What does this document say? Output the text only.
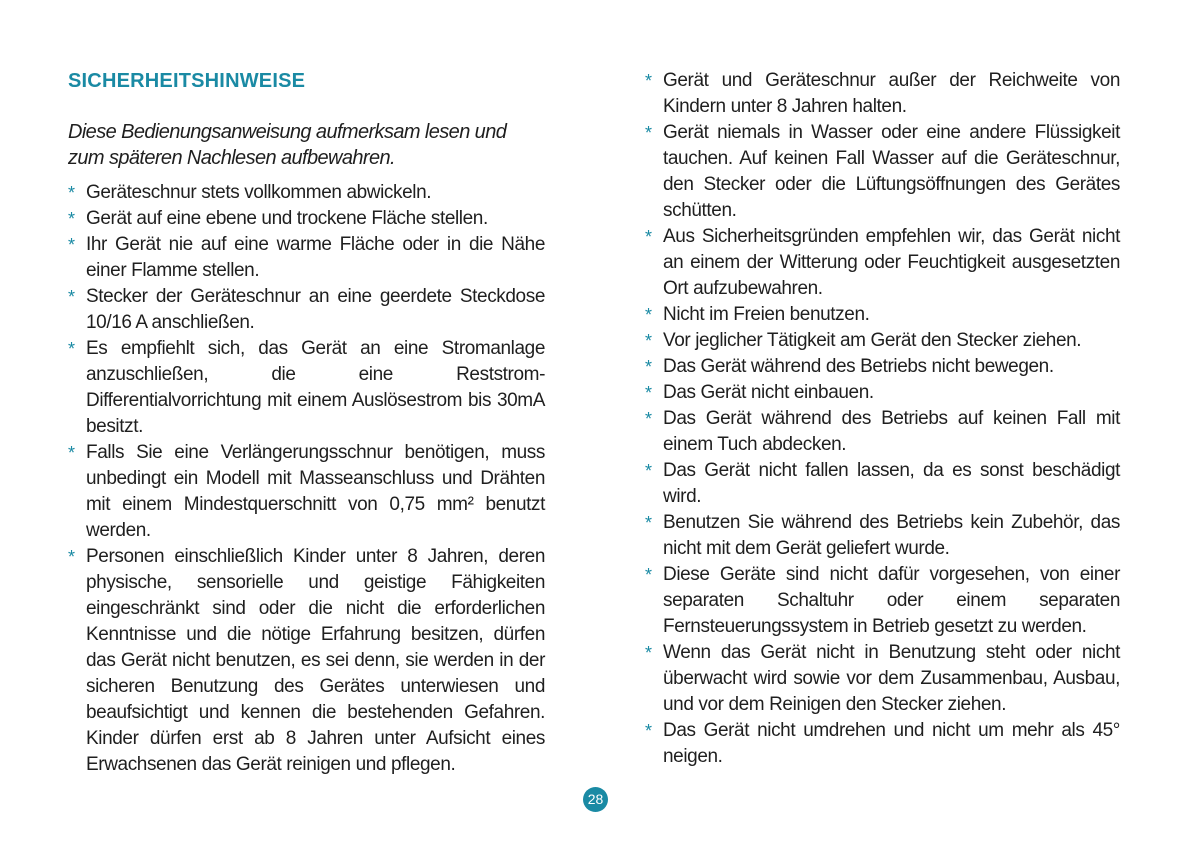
SICHERHEITSHINWEISE

Diese Bedienungsanweisung aufmerksam lesen und zum späteren Nachlesen aufbewahren.

* Geräteschnur stets vollkommen abwickeln.
* Gerät auf eine ebene und trockene Fläche stellen.
* Ihr Gerät nie auf eine warme Fläche oder in die Nähe einer Flamme stellen.
* Stecker der Geräteschnur an eine geerdete Steckdose 10/16 A anschließen.
* Es empfiehlt sich, das Gerät an eine Stromanlage anzuschließen, die eine Reststrom-Differentialvorrichtung mit einem Auslösestrom bis 30mA besitzt.
* Falls Sie eine Verlängerungsschnur benötigen, muss unbedingt ein Modell mit Masseanschluss und Drähten mit einem Mindestquerschnitt von 0,75 mm² benutzt werden.
* Personen einschließlich Kinder unter 8 Jahren, deren physische, sensorielle und geistige Fähigkeiten eingeschränkt sind oder die nicht die erforderlichen Kenntnisse und die nötige Erfahrung besitzen, dürfen das Gerät nicht benutzen, es sei denn, sie werden in der sicheren Benutzung des Gerätes unterwiesen und beaufsichtigt und kennen die bestehenden Gefahren. Kinder dürfen erst ab 8 Jahren unter Aufsicht eines Erwachsenen das Gerät reinigen und pflegen.
* Gerät und Geräteschnur außer der Reichweite von Kindern unter 8 Jahren halten.
* Gerät niemals in Wasser oder eine andere Flüssigkeit tauchen. Auf keinen Fall Wasser auf die Geräteschnur, den Stecker oder die Lüftungsöffnungen des Gerätes schütten.
* Aus Sicherheitsgründen empfehlen wir, das Gerät nicht an einem der Witterung oder Feuchtigkeit ausgesetzten Ort aufzubewahren.
* Nicht im Freien benutzen.
* Vor jeglicher Tätigkeit am Gerät den Stecker ziehen.
* Das Gerät während des Betriebs nicht bewegen.
* Das Gerät nicht einbauen.
* Das Gerät während des Betriebs auf keinen Fall mit einem Tuch abdecken.
* Das Gerät nicht fallen lassen, da es sonst beschädigt wird.
* Benutzen Sie während des Betriebs kein Zubehör, das nicht mit dem Gerät geliefert wurde.
* Diese Geräte sind nicht dafür vorgesehen, von einer separaten Schaltuhr oder einem separaten Fernsteuerungssystem in Betrieb gesetzt zu werden.
* Wenn das Gerät nicht in Benutzung steht oder nicht überwacht wird sowie vor dem Zusammenbau, Ausbau, und vor dem Reinigen den Stecker ziehen.
* Das Gerät nicht umdrehen und nicht um mehr als 45° neigen.
28
